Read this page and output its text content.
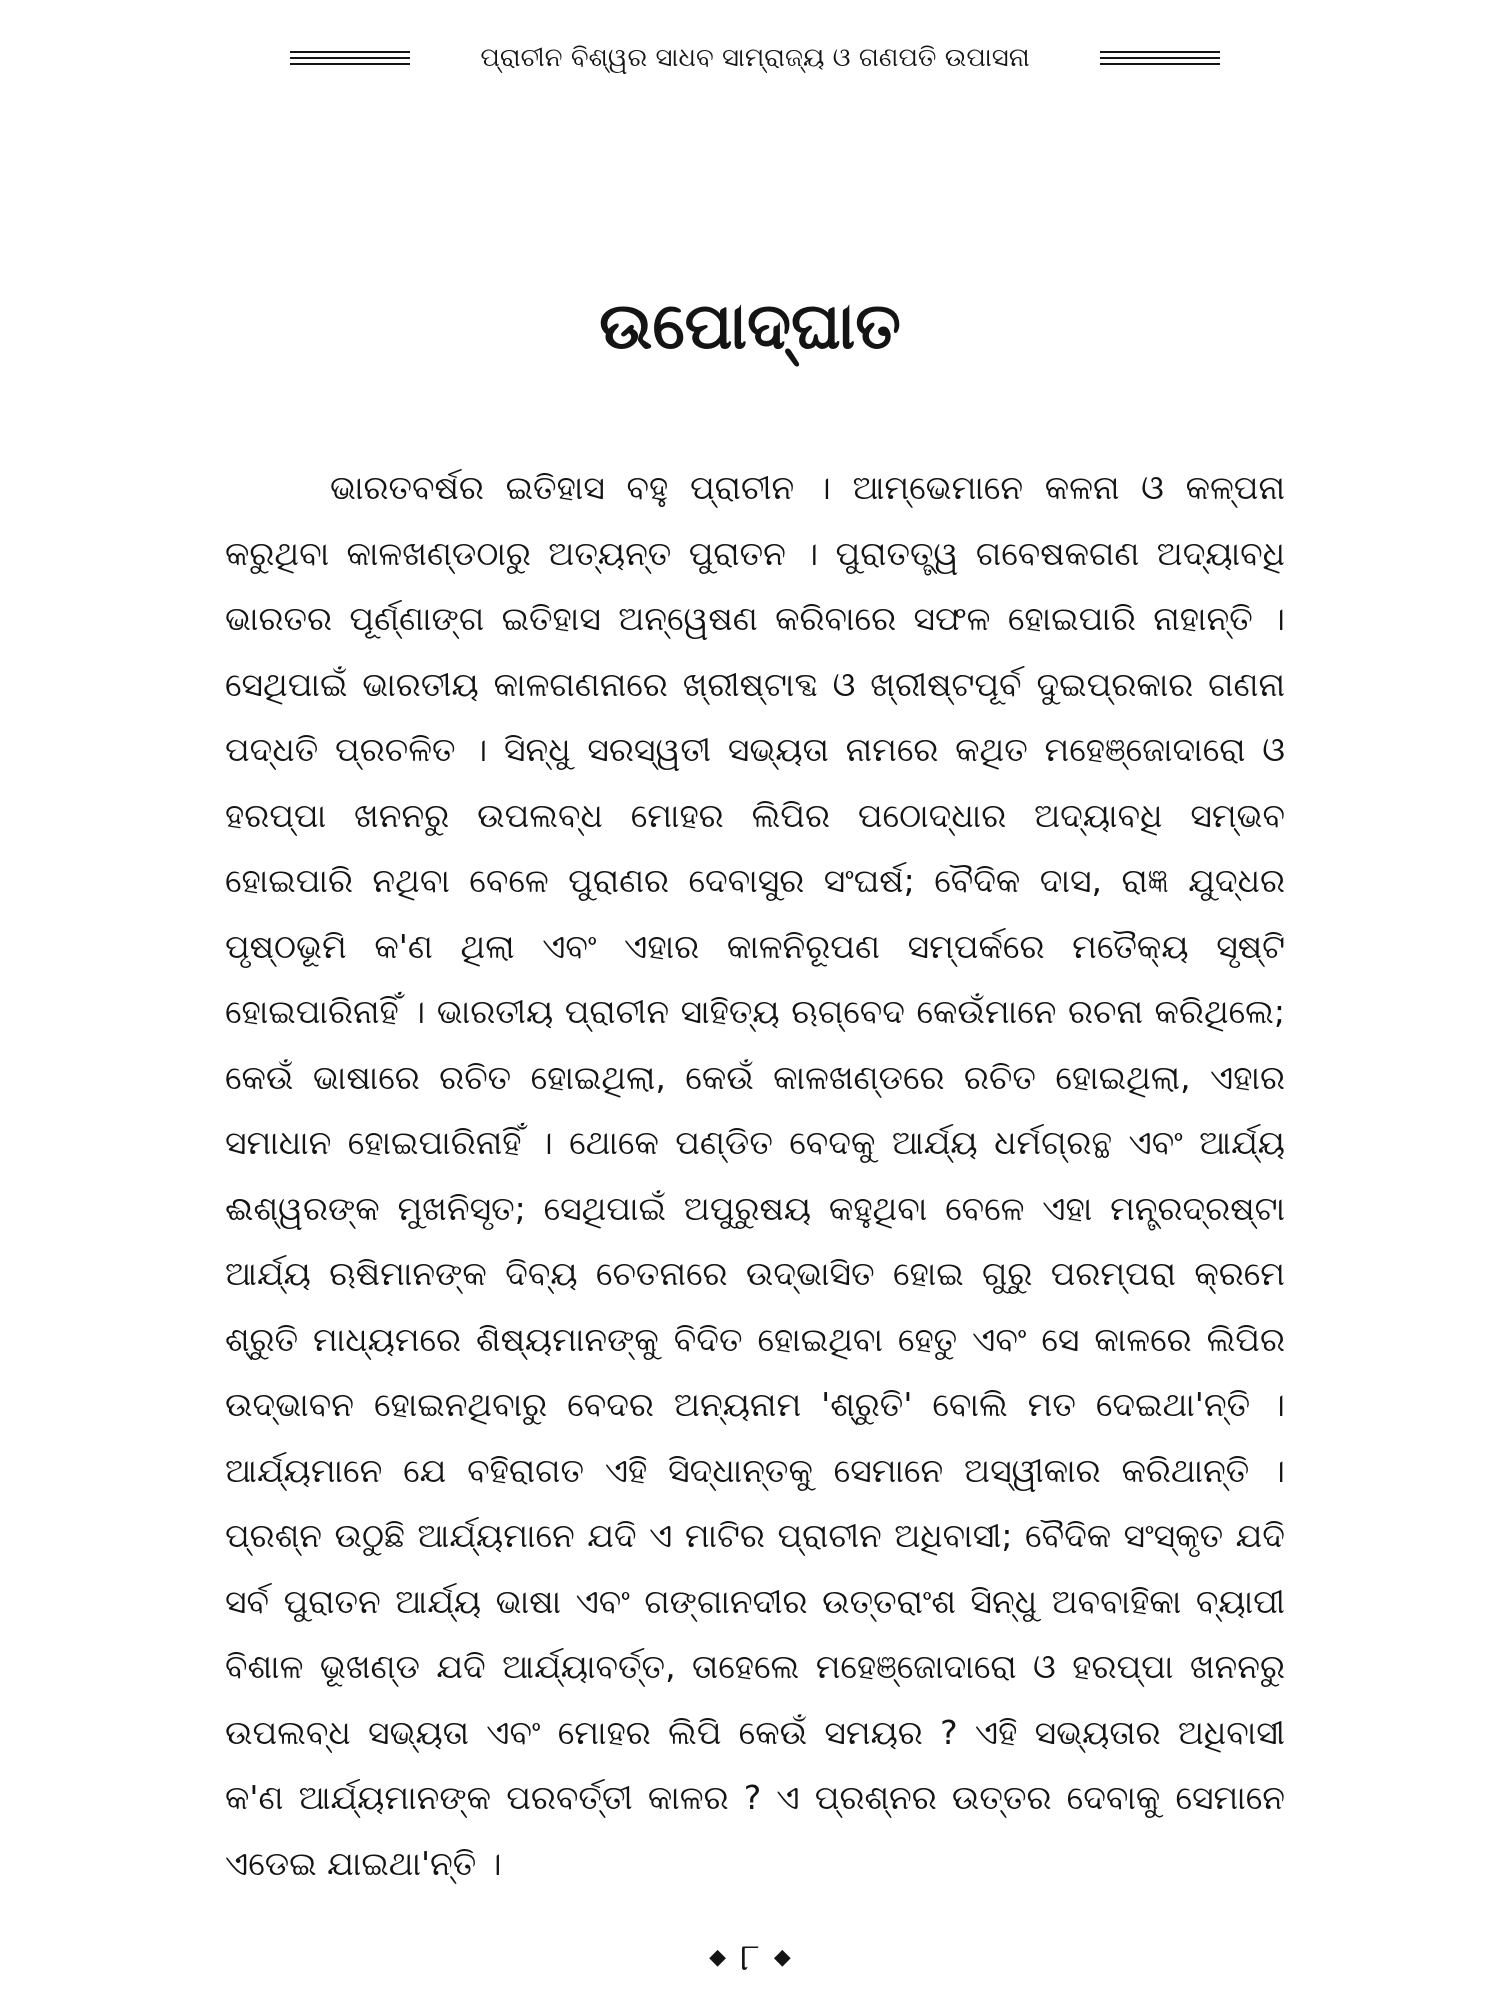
ପ୍ରାଚୀନ ବିଶ୍ୱର ସାଧବ ସାମ୍ରାଜ୍ୟ ଓ ଗଣପତି ଉପାସନା
ଉପୋଦ୍‌ଘାତ

ଭାରତବର୍ଷର ଇତିହାସ ବହୁ ପ୍ରାଚୀନ । ଆମ୍ଭେମାନେ କଳନା ଓ କଳ୍ପନା କରୁଥିବା କାଳଖଣ୍ଡଠାରୁ ଅତ୍ୟନ୍ତ ପୁରାତନ । ପୁରାତତ୍ତ୍ୱ ଗବେଷକଗଣ ଅଦ୍ୟାବଧି ଭାରତର ପୂର୍ଣ୍ଣାଙ୍ଗ ଇତିହାସ ଅନ୍ୱେଷଣ କରିବାରେ ସଫଳ ହୋଇପାରି ନାହାନ୍ତି । ସେଥିପାଇଁ ଭାରତୀୟ କାଳଗଣନାରେ ଖ୍ରୀଷ୍ଟାବ୍ଦ ଓ ଖ୍ରୀଷ୍ଟପୂର୍ବ ଦୁଇପ୍ରକାର ଗଣନା ପଦ୍ଧତି ପ୍ରଚଳିତ । ସିନ୍ଧୁ ସରସ୍ୱତୀ ସଭ୍ୟତା ନାମରେ କଥିତ ମହେଞ୍ଜୋଦାରୋ ଓ ହରପ୍ପା ଖନନରୁ ଉପଲବ୍ଧ ମୋହର ଲିପିର ପଠୋଦ୍ଧାର ଅଦ୍ୟାବଧି ସମ୍ଭବ ହୋଇପାରି ନଥିବା ବେଳେ ପୁରାଣର ଦେବାସୁର ସଂଘର୍ଷ; ବୈଦିକ ଦାସ, ରାଜ୍ଞ ଯୁଦ୍ଧର ପୃଷ୍ଠଭୂମି କ'ଣ ଥିଲା ଏବଂ ଏହାର କାଳନିରୂପଣ ସମ୍ପର୍କରେ ମତୈକ୍ୟ ସୃଷ୍ଟି ହୋଇପାରିନାହିଁ । ଭାରତୀୟ ପ୍ରାଚୀନ ସାହିତ୍ୟ ଋଗ୍‌ବେଦ କେଉଁମାନେ ରଚନା କରିଥିଲେ; କେଉଁ ଭାଷାରେ ରଚିତ ହୋଇଥିଲା, କେଉଁ କାଳଖଣ୍ଡରେ ରଚିତ ହୋଇଥିଲା, ଏହାର ସମାଧାନ ହୋଇପାରିନାହିଁ । ଥୋକେ ପଣ୍ଡିତ ବେଦକୁ ଆର୍ଯ୍ୟ ଧର୍ମଗ୍ରନ୍ଥ ଏବଂ ଆର୍ଯ୍ୟ ଈଶ୍ୱରଙ୍କ ମୁଖନିସୃତ; ସେଥିପାଇଁ ଅପୁରୁଷୟ କହୁଥିବା ବେଳେ ଏହା ମନ୍ତ୍ରଦ୍ରଷ୍ଟା ଆର୍ଯ୍ୟ ଋଷିମାନଙ୍କ ଦିବ୍ୟ ଚେତନାରେ ଉଦ୍ଭାସିତ ହୋଇ ଗୁରୁ ପରମ୍ପରା କ୍ରମେ ଶ୍ରୁତି ମାଧ୍ୟମରେ ଶିଷ୍ୟମାନଙ୍କୁ ବିଦିତ ହୋଇଥିବା ହେତୁ ଏବଂ ସେ କାଳରେ ଲିପିର ଉଦ୍ଭାବନ ହୋଇନଥିବାରୁ ବେଦର ଅନ୍ୟନାମ 'ଶ୍ରୁତି' ବୋଲି ମତ ଦେଇଥା'ନ୍ତି । ଆର୍ଯ୍ୟମାନେ ଯେ ବହିରାଗତ ଏହି ସିଦ୍ଧାନ୍ତକୁ ସେମାନେ ଅସ୍ୱୀକାର କରିଥାନ୍ତି । ପ୍ରଶ୍ନ ଉଠୁଛି ଆର୍ଯ୍ୟମାନେ ଯଦି ଏ ମାଟିର ପ୍ରାଚୀନ ଅଧିବାସୀ; ବୈଦିକ ସଂସ୍କୃତ ଯଦି ସର୍ବ ପୁରାତନ ଆର୍ଯ୍ୟ ଭାଷା ଏବଂ ଗଙ୍ଗାନଦୀର ଉତ୍ତରାଂଶ ସିନ୍ଧୁ ଅବବାହିକା ବ୍ୟାପୀ ବିଶାଳ ଭୂଖଣ୍ଡ ଯଦି ଆର୍ଯ୍ୟାବର୍ତ୍ତ, ତାହେଲେ ମହେଞ୍ଜୋଦାରୋ ଓ ହରପ୍ପା ଖନନରୁ ଉପଲବ୍ଧ ସଭ୍ୟତା ଏବଂ ମୋହର ଲିପି କେଉଁ ସମୟର ? ଏହି ସଭ୍ୟତାର ଅଧିବାସୀ କ'ଣ ଆର୍ଯ୍ୟମାନଙ୍କ ପରବର୍ତ୍ତୀ କାଳର ? ଏ ପ୍ରଶ୍ନର ଉତ୍ତର ଦେବାକୁ ସେମାନେ ଏଡେଇ ଯାଇଥା'ନ୍ତି ।

◆ ୮ ◆
